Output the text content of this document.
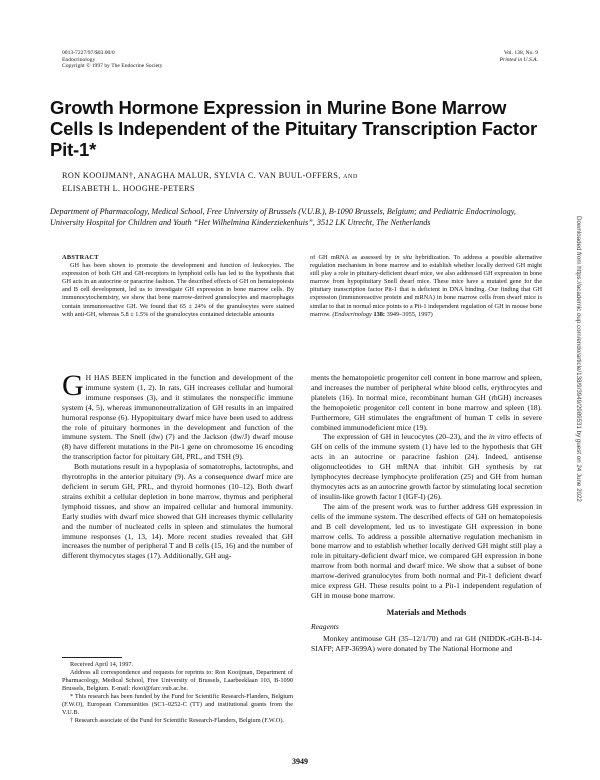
0013-7227/97/$03.00/0
Endocrinology
Copyright © 1997 by The Endocrine Society
Vol. 138, No. 9
Printed in U.S.A.
Growth Hormone Expression in Murine Bone Marrow Cells Is Independent of the Pituitary Transcription Factor Pit-1*
RON KOOIJMAN†, ANAGHA MALUR, SYLVIA C. VAN BUUL-OFFERS, AND
ELISABETH L. HOOGHE-PETERS
Department of Pharmacology, Medical School, Free University of Brussels (V.U.B.), B-1090 Brussels, Belgium; and Pediatric Endocrinology, University Hospital for Children and Youth “Het Wilhelmina Kinderziekenhuis”, 3512 LK Utrecht, The Netherlands

ABSTRACT

GH has been shown to promote the development and function of leukocytes. The expression of both GH and GH-receptors in lymphoid cells has led to the hypothesis that GH acts in an autocrine or paracrine fashion. The described effects of GH on hematopoiesis and B cell development, led us to investigate GH expression in bone marrow cells. By immunocytochemistry, we show that bone marrow-derived granulocytes and macrophages contain immunoreactive GH. We found that 65 ± 24% of the granulocytes were stained with anti-GH, whereas 5.8 ± 1.5% of the granulocytes contained detectable amounts

of GH mRNA as assessed by in situ hybridization. To address a possible alternative regulation mechanism in bone marrow and to establish whether locally derived GH might still play a role in pituitary-deficient dwarf mice, we also addressed GH expression in bone marrow from hypopituitary Snell dwarf mice. These mice have a mutated gene for the pituitary transcription factor Pit-1 that is deficient in DNA binding. Our finding that GH expression (immunoreactive protein and mRNA) in bone marrow cells from dwarf mice is similar to that in normal mice points to a Pit-1 independent regulation of GH in mouse bone marrow. (Endocrinology 138: 3949–3955, 1997)	Downloaded from https://academic.oup.com/endo/article/138/9/3949/2989531 by guest on 24 June 2022

G H HAS BEEN implicated in the function and development of the immune system (1, 2). In rats, GH increases cellular and humoral immune responses (3), and it stimulates the nonspecific immune system (4, 5), whereas immunoneutralization of GH results in an impaired humoral response (6). Hypopituitary dwarf mice have been used to address the role of pituitary hormones in the development and function of the immune system. The Snell (dw) (7) and the Jackson (dw/J) dwarf mouse (8) have different mutations in the Pit-1 gene on chromosome 16 encoding the transcription factor for pituitary GH, PRL, and TSH (9).

Both mutations result in a hypoplasia of somatotrophs, lactotrophs, and thyrotrophs in the anterior pituitary (9). As a consequence dwarf mice are deficient in serum GH, PRL, and thyroid hormones (10–12). Both dwarf strains exhibit a cellular depletion in bone marrow, thymus and peripheral lymphoid tissues, and show an impaired cellular and humoral immunity. Early studies with dwarf mice showed that GH increases thymic cellularity and the number of nucleated cells in spleen and stimulates the humoral immune responses (1, 13, 14). More recent studies revealed that GH increases the number of peripheral T and B cells (15, 16) and the number of different thymocytes stages (17). Additionally, GH aug-

Received April 14, 1997.

Address all correspondence and requests for reprints to: Ron Kooijman, Department of Pharmacology, Medical School, Free University of Brussels, Laarbeeklaan 103, B-1090 Brussels, Belgium. E-mail: rkooi@farc.vub.ac.be.

* This research has been funded by the Fund for Scientific Research-Flanders, Belgium (F.W.O), European Communities (SC1–0252-C (TT) and institutional grants from the V.U.B.

† Research associate of the Fund for Scientific Research-Flanders, Belgium (F.W.O).

ments the hematopoietic progenitor cell content in bone marrow and spleen, and increases the number of peripheral white blood cells, erythrocytes and platelets (16). In normal mice, recombinant human GH (rhGH) increases the hemopoietic progenitor cell content in bone marrow and spleen (18). Furthermore, GH stimulates the engraftment of human T cells in severe combined immunodeficient mice (19).

The expression of GH in leucocytes (20–23), and the in vitro effects of GH on cells of the immune system (1) have led to the hypothesis that GH acts in an autocrine or paracrine fashion (24). Indeed, antisense oligonucleotides to GH mRNA that inhibit GH synthesis by rat lymphocytes decrease lymphocyte proliferation (25) and GH from human thymocytes acts as an autocrine growth factor by stimulating local secretion of insulin-like growth factor I (IGF-I) (26).

The aim of the present work was to further address GH expression in cells of the immune system. The described effects of GH on hematopoiesis and B cell development, led us to investigate GH expression in bone marrow cells. To address a possible alternative regulation mechanism in bone marrow and to establish whether locally derived GH might still play a role in pituitary-deficient dwarf mice, we compared GH expression in bone marrow from both normal and dwarf mice. We show that a subset of bone marrow-derived granulocytes from both normal and Pit-1 deficient dwarf mice express GH. These results point to a Pit-1 independent regulation of GH in mouse bone marrow.

Materials and Methods
Reagents

Monkey antimouse GH (35–12/1/70) and rat GH (NIDDK-rGH-B-14-SIAFP; AFP-3699A) were donated by The National Hormone and

3949
